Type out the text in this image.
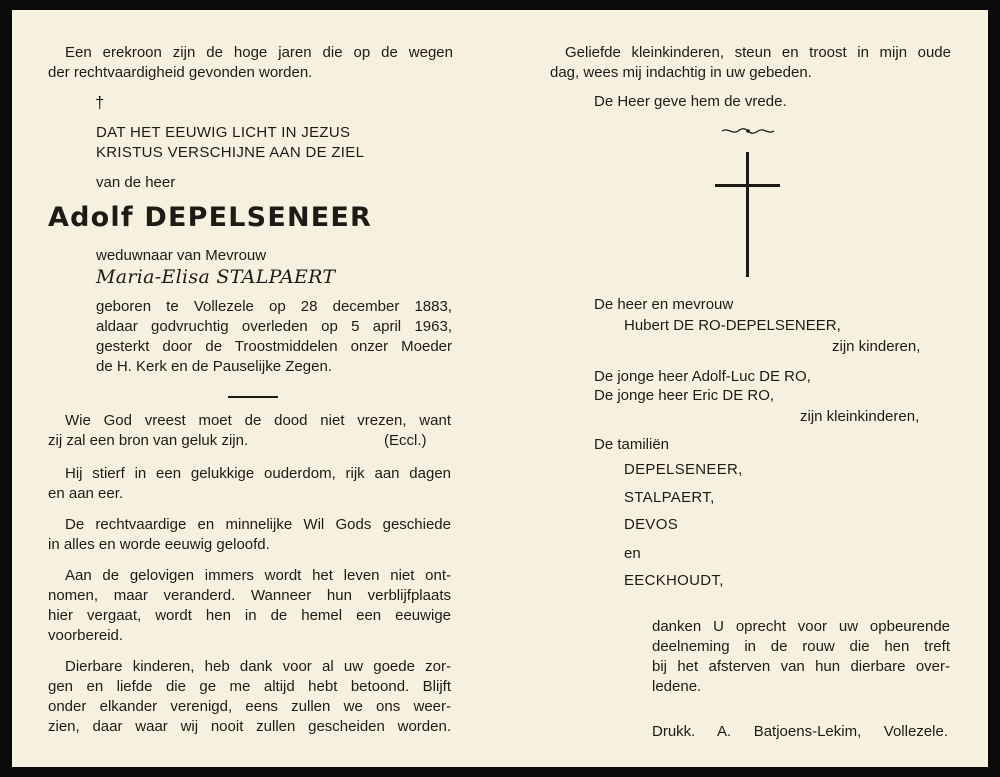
Een erekroon zijn de hoge jaren die op de wegen
der rechtvaardigheid gevonden worden.
†
DAT HET EEUWIG LICHT IN JEZUS
KRISTUS VERSCHIJNE AAN DE ZIEL
van de heer
Adolf DEPELSENEER
weduwnaar van Mevrouw
Maria-Elisa STALPAERT
geboren te Vollezele op 28 december 1883,
aldaar godvruchtig overleden op 5 april 1963,
gesterkt door de Troostmiddelen onzer Moeder
de H. Kerk en de Pauselijke Zegen.
Wie God vreest moet de dood niet vrezen, want
zij zal een bron van geluk zijn.	(Eccl.)
Hij stierf in een gelukkige ouderdom, rijk aan dagen
en aan eer.
De rechtvaardige en minnelijke Wil Gods geschiede
in alles en worde eeuwig geloofd.
Aan de gelovigen immers wordt het leven niet ont-
nomen, maar veranderd. Wanneer hun verblijfplaats
hier vergaat, wordt hen in de hemel een eeuwige
voorbereid.
Dierbare kinderen, heb dank voor al uw goede zor-
gen en liefde die ge me altijd hebt betoond. Blijft
onder elkander verenigd, eens zullen we ons weer-
zien, daar waar wij nooit zullen gescheiden worden.
Geliefde kleinkinderen, steun en troost in mijn oude
dag, wees mij indachtig in uw gebeden.
De Heer geve hem de vrede.
De heer en mevrouw
Hubert DE RO-DEPELSENEER,
zijn kinderen,
De jonge heer Adolf-Luc DE RO,
De jonge heer Eric DE RO,
zijn kleinkinderen,
De tamiliën
DEPELSENEER,
STALPAERT,
DEVOS
en
EECKHOUDT,
danken U oprecht voor uw opbeurende
deelneming in de rouw die hen treft
bij het afsterven van hun dierbare over-
ledene.
Drukk. A. Batjoens-Lekim, Vollezele.
